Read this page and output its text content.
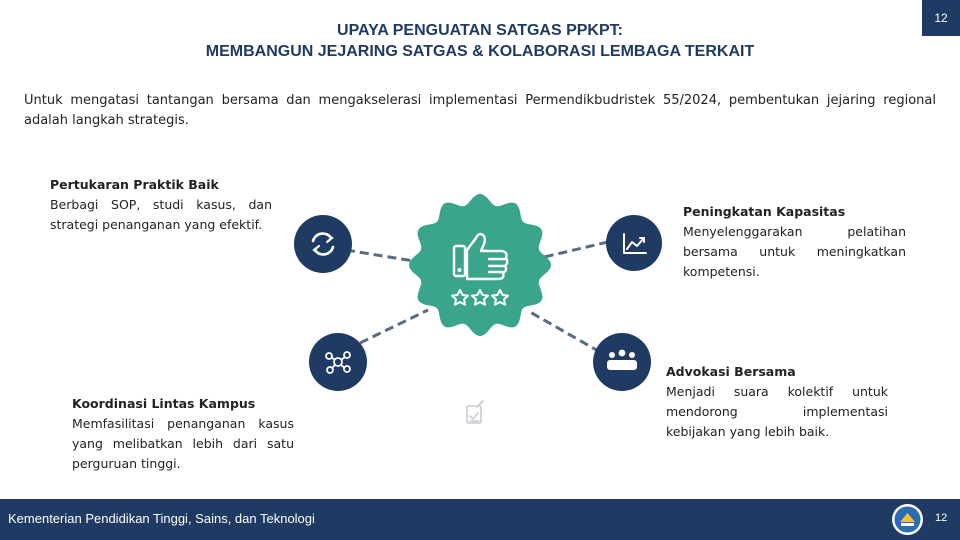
12
UPAYA PENGUATAN SATGAS PPKPT:
MEMBANGUN JEJARING SATGAS & KOLABORASI LEMBAGA TERKAIT
Untuk mengatasi tantangan bersama dan mengakselerasi implementasi Permendikbudristek 55/2024, pembentukan jejaring regional adalah langkah strategis.
Pertukaran Praktik Baik
Berbagi SOP, studi kasus, dan strategi penanganan yang efektif.
Peningkatan Kapasitas
Menyelenggarakan pelatihan bersama untuk meningkatkan kompetensi.
Koordinasi Lintas Kampus
Memfasilitasi penanganan kasus yang melibatkan lebih dari satu perguruan tinggi.
Advokasi Bersama
Menjadi suara kolektif untuk mendorong implementasi kebijakan yang lebih baik.
Kementerian Pendidikan Tinggi, Sains, dan Teknologi	12
